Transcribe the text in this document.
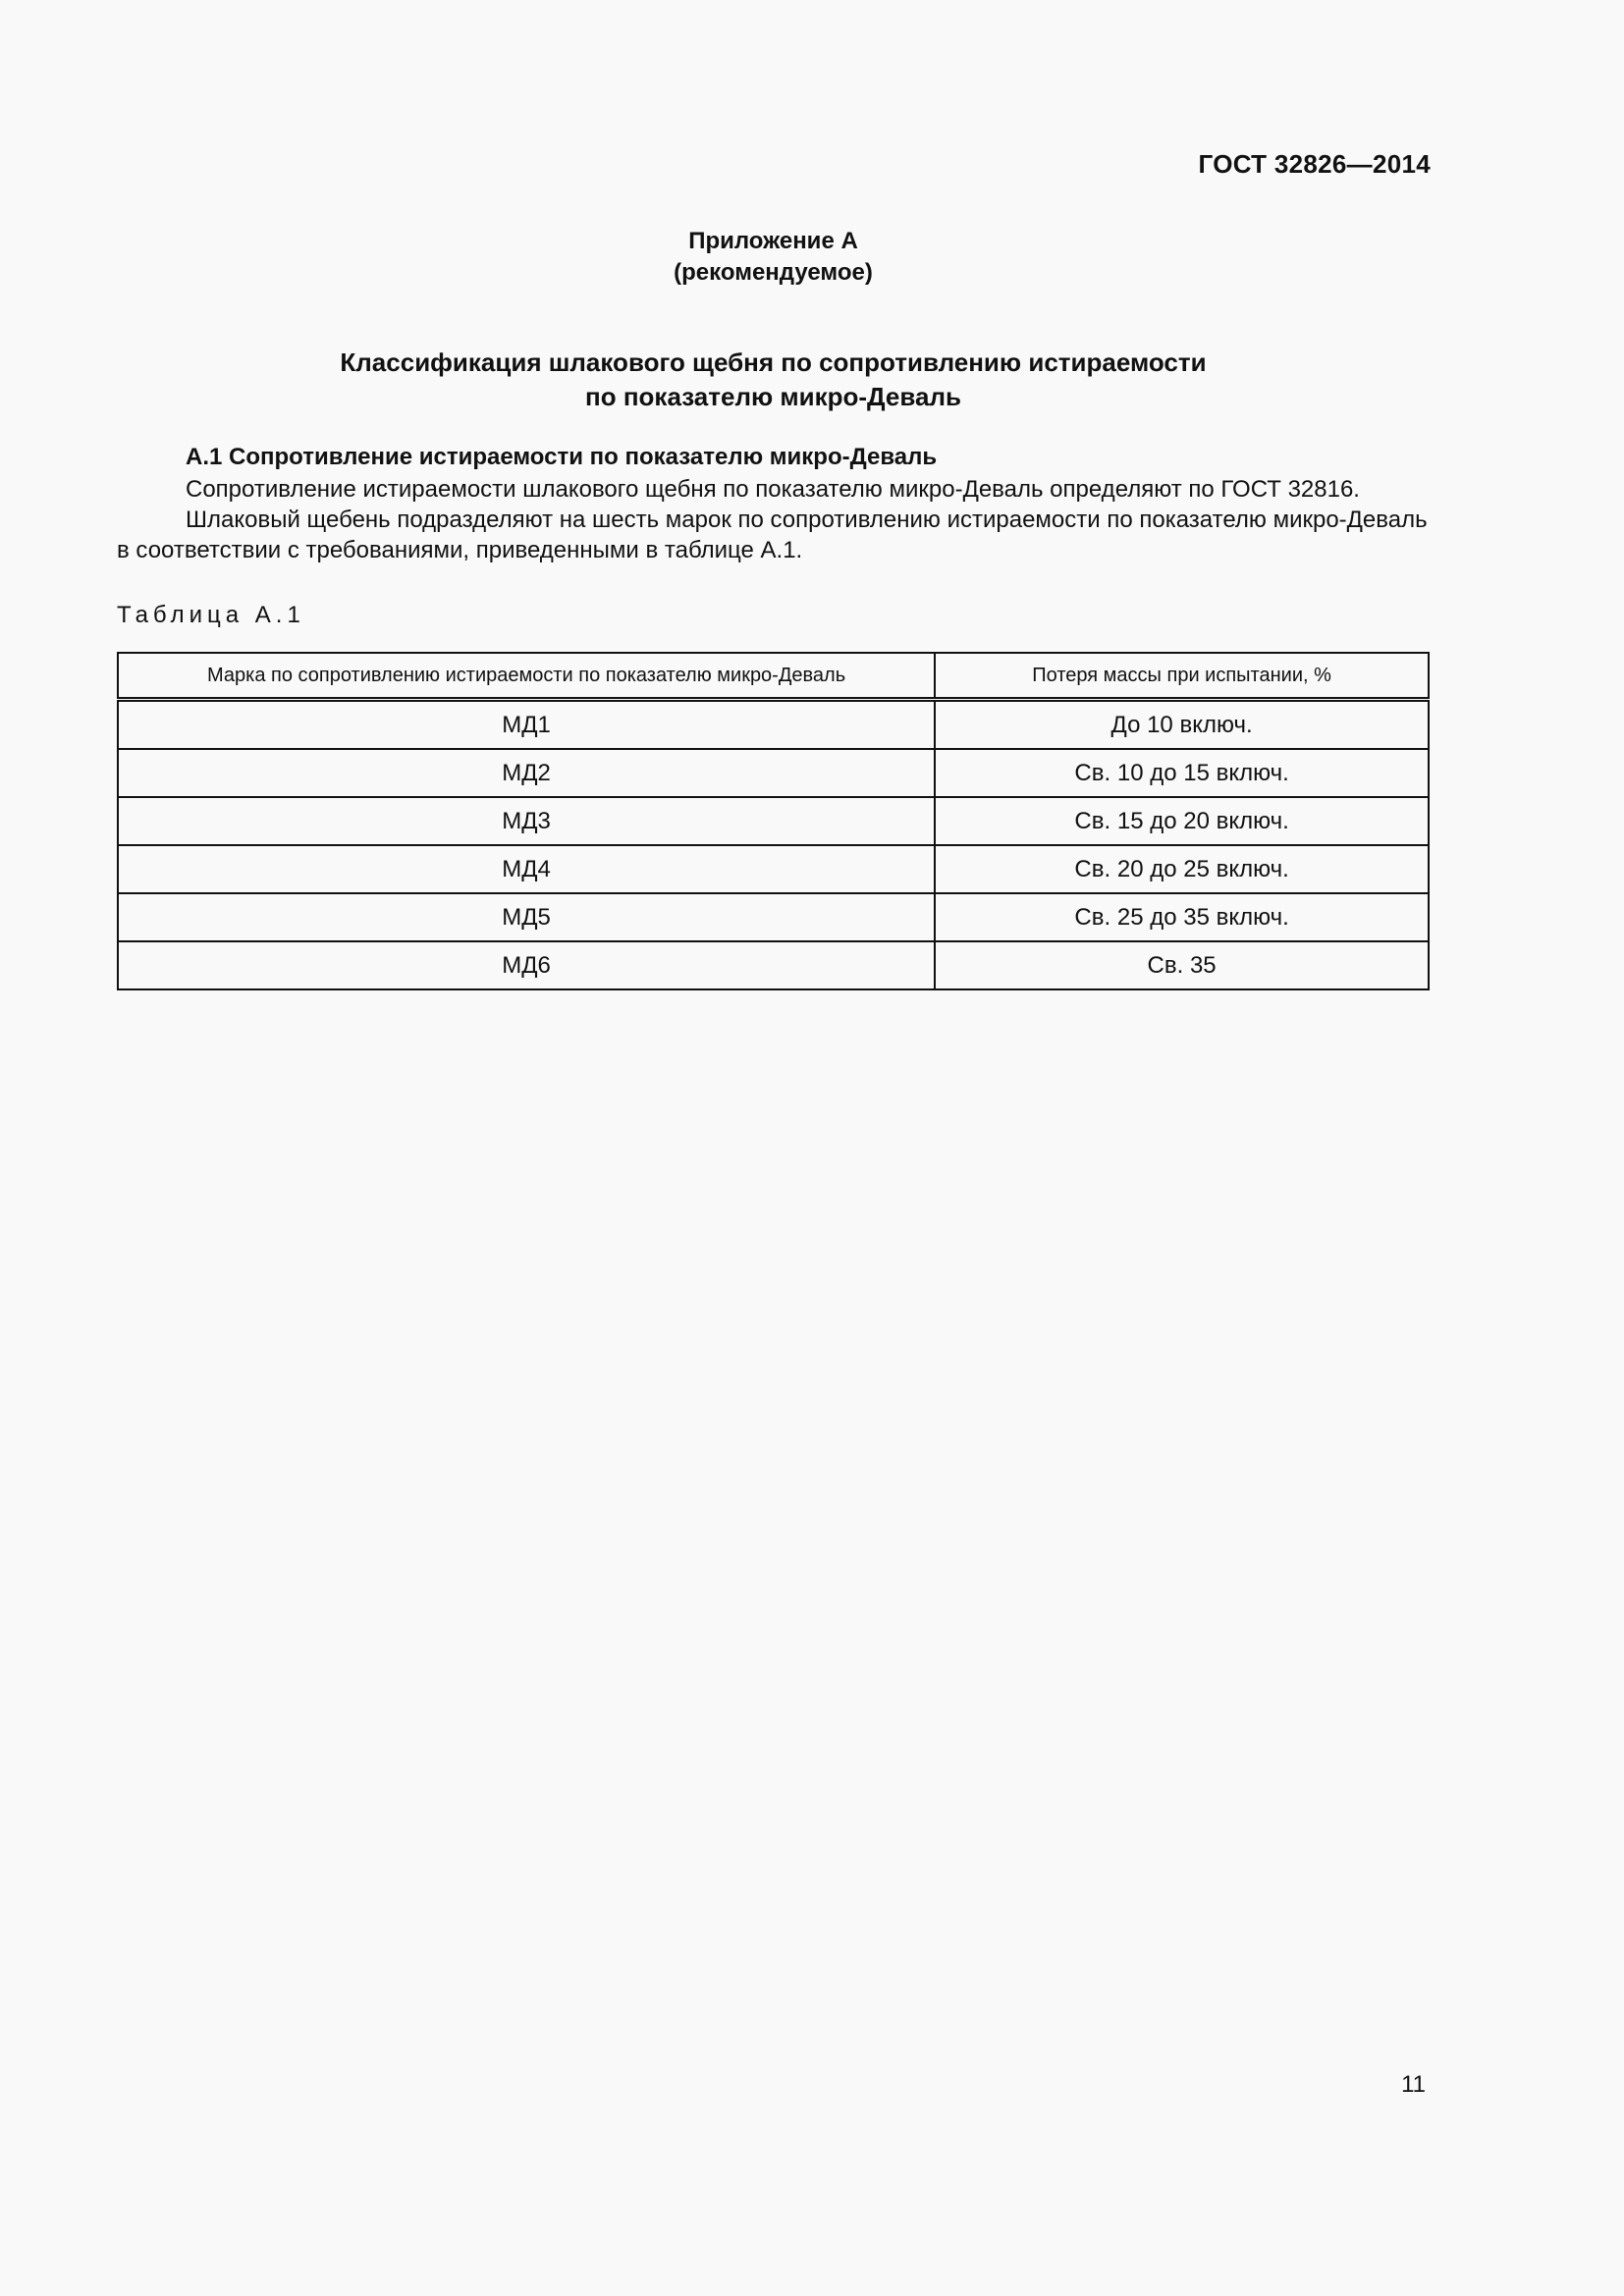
ГОСТ 32826—2014
Приложение А
(рекомендуемое)
Классификация шлакового щебня по сопротивлению истираемости
по показателю микро-Деваль
А.1 Сопротивление истираемости по показателю микро-Деваль
Сопротивление истираемости шлакового щебня по показателю микро-Деваль определяют по ГОСТ 32816.
Шлаковый щебень подразделяют на шесть марок по сопротивлению истираемости по показателю микро-Деваль в соответствии с требованиями, приведенными в таблице А.1.
Таблица А.1
Марка по сопротивлению истираемости по показателю микро-Деваль	Потеря массы при испытании, %
МД1	До 10 включ.
МД2	Св. 10 до 15 включ.
МД3	Св. 15 до 20 включ.
МД4	Св. 20 до 25 включ.
МД5	Св. 25 до 35 включ.
МД6	Св. 35
11
